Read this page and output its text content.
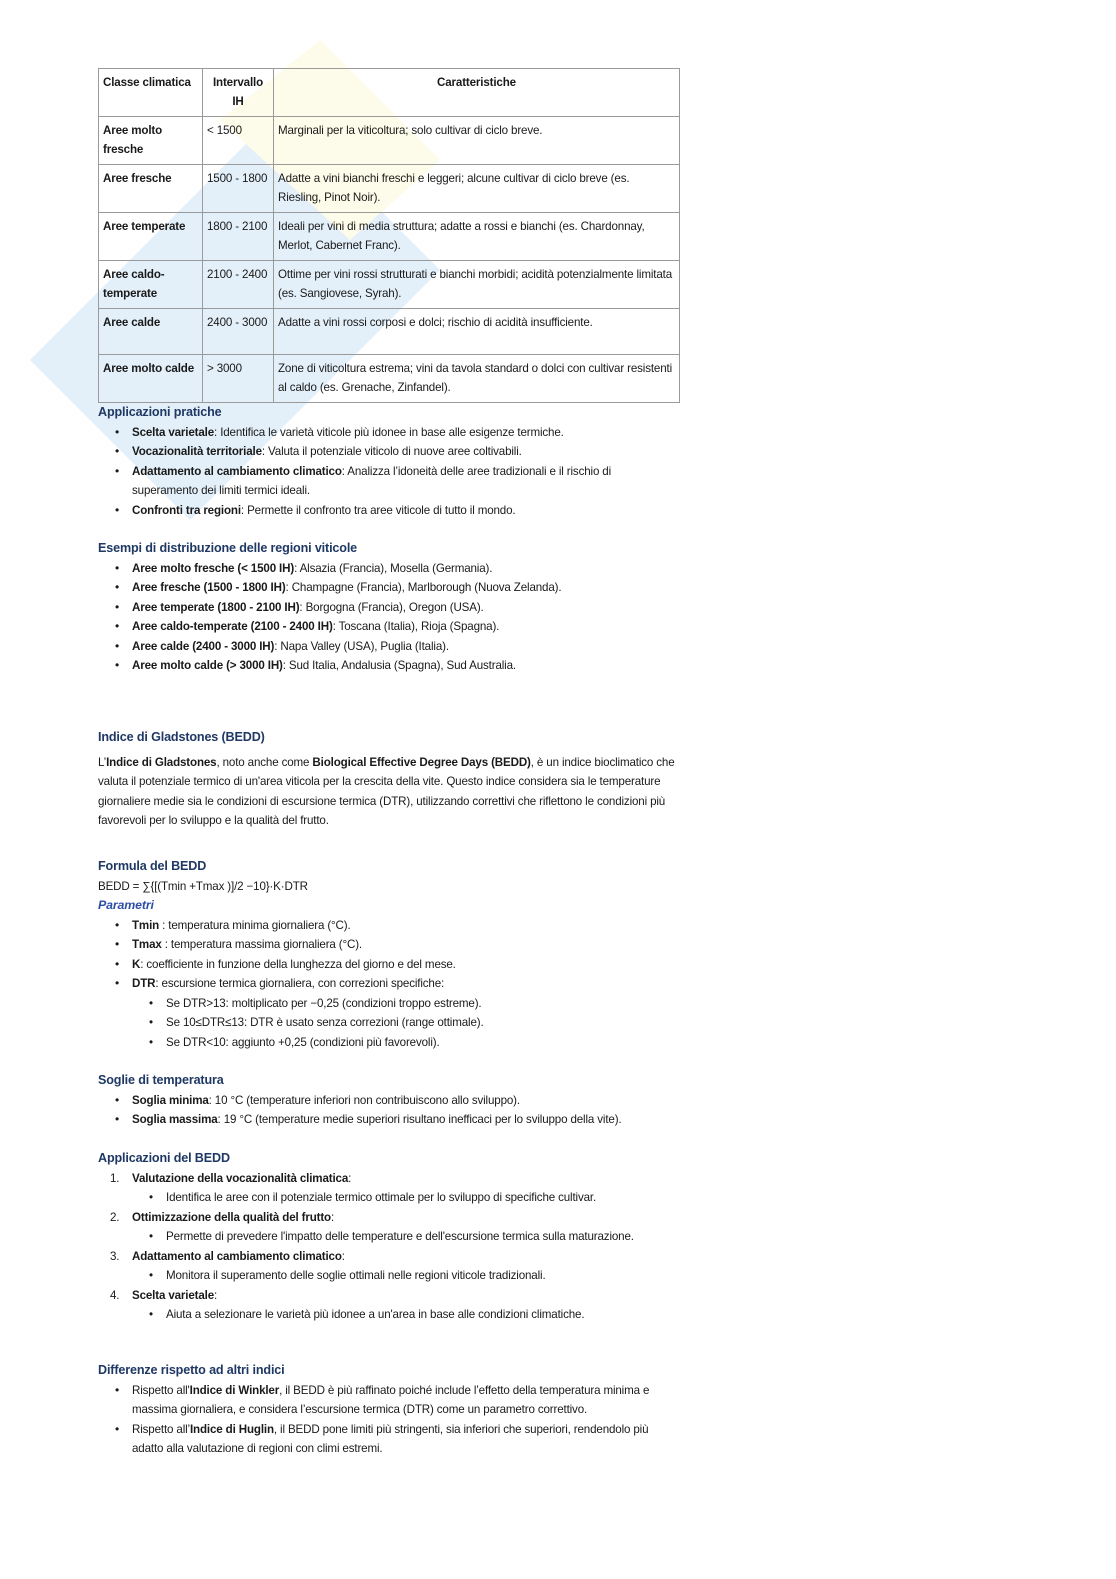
Classe climatica	Intervallo IH	Caratteristiche
Aree molto fresche	< 1500	Marginali per la viticoltura; solo cultivar di ciclo breve.
Aree fresche	1500 - 1800	Adatte a vini bianchi freschi e leggeri; alcune cultivar di ciclo breve (es. Riesling, Pinot Noir).
Aree temperate	1800 - 2100	Ideali per vini di media struttura; adatte a rossi e bianchi (es. Chardonnay, Merlot, Cabernet Franc).
Aree caldo-temperate	2100 - 2400	Ottime per vini rossi strutturati e bianchi morbidi; acidità potenzialmente limitata (es. Sangiovese, Syrah).
Aree calde	2400 - 3000	Adatte a vini rossi corposi e dolci; rischio di acidità insufficiente.
Aree molto calde	> 3000	Zone di viticoltura estrema; vini da tavola standard o dolci con cultivar resistenti al caldo (es. Grenache, Zinfandel).
Applicazioni pratiche
• Scelta varietale: Identifica le varietà viticole più idonee in base alle esigenze termiche.
• Vocazionalità territoriale: Valuta il potenziale viticolo di nuove aree coltivabili.
• Adattamento al cambiamento climatico: Analizza l’idoneità delle aree tradizionali e il rischio di superamento dei limiti termici ideali.
• Confronti tra regioni: Permette il confronto tra aree viticole di tutto il mondo.
Esempi di distribuzione delle regioni viticole
• Aree molto fresche (< 1500 IH): Alsazia (Francia), Mosella (Germania).
• Aree fresche (1500 - 1800 IH): Champagne (Francia), Marlborough (Nuova Zelanda).
• Aree temperate (1800 - 2100 IH): Borgogna (Francia), Oregon (USA).
• Aree caldo-temperate (2100 - 2400 IH): Toscana (Italia), Rioja (Spagna).
• Aree calde (2400 - 3000 IH): Napa Valley (USA), Puglia (Italia).
• Aree molto calde (> 3000 IH): Sud Italia, Andalusia (Spagna), Sud Australia.
Indice di Gladstones (BEDD)

L’Indice di Gladstones, noto anche come Biological Effective Degree Days (BEDD), è un indice bioclimatico che valuta il potenziale termico di un'area viticola per la crescita della vite. Questo indice considera sia le temperature giornaliere medie sia le condizioni di escursione termica (DTR), utilizzando correttivi che riflettono le condizioni più favorevoli per lo sviluppo e la qualità del frutto.

Formula del BEDD

BEDD = ∑{[(Tmin +Tmax )]/2 −10}·K·DTR

Parametri

• Tmin : temperatura minima giornaliera (°C).
• Tmax : temperatura massima giornaliera (°C).
• K: coefficiente in funzione della lunghezza del giorno e del mese.
• DTR: escursione termica giornaliera, con correzioni specifiche:
• Se DTR>13: moltiplicato per −0,25 (condizioni troppo estreme).
• Se 10≤DTR≤13: DTR è usato senza correzioni (range ottimale).
• Se DTR<10: aggiunto +0,25 (condizioni più favorevoli).
Soglie di temperatura
• Soglia minima: 10 °C (temperature inferiori non contribuiscono allo sviluppo).
• Soglia massima: 19 °C (temperature medie superiori risultano inefficaci per lo sviluppo della vite).
Applicazioni del BEDD
1. Valutazione della vocazionalità climatica:
• Identifica le aree con il potenziale termico ottimale per lo sviluppo di specifiche cultivar.
2. Ottimizzazione della qualità del frutto:
• Permette di prevedere l'impatto delle temperature e dell'escursione termica sulla maturazione.
3. Adattamento al cambiamento climatico:
• Monitora il superamento delle soglie ottimali nelle regioni viticole tradizionali.
4. Scelta varietale:
• Aiuta a selezionare le varietà più idonee a un'area in base alle condizioni climatiche.
Differenze rispetto ad altri indici
• Rispetto all'Indice di Winkler, il BEDD è più raffinato poiché include l’effetto della temperatura minima e massima giornaliera, e considera l’escursione termica (DTR) come un parametro correttivo.
• Rispetto all’Indice di Huglin, il BEDD pone limiti più stringenti, sia inferiori che superiori, rendendolo più adatto alla valutazione di regioni con climi estremi.
